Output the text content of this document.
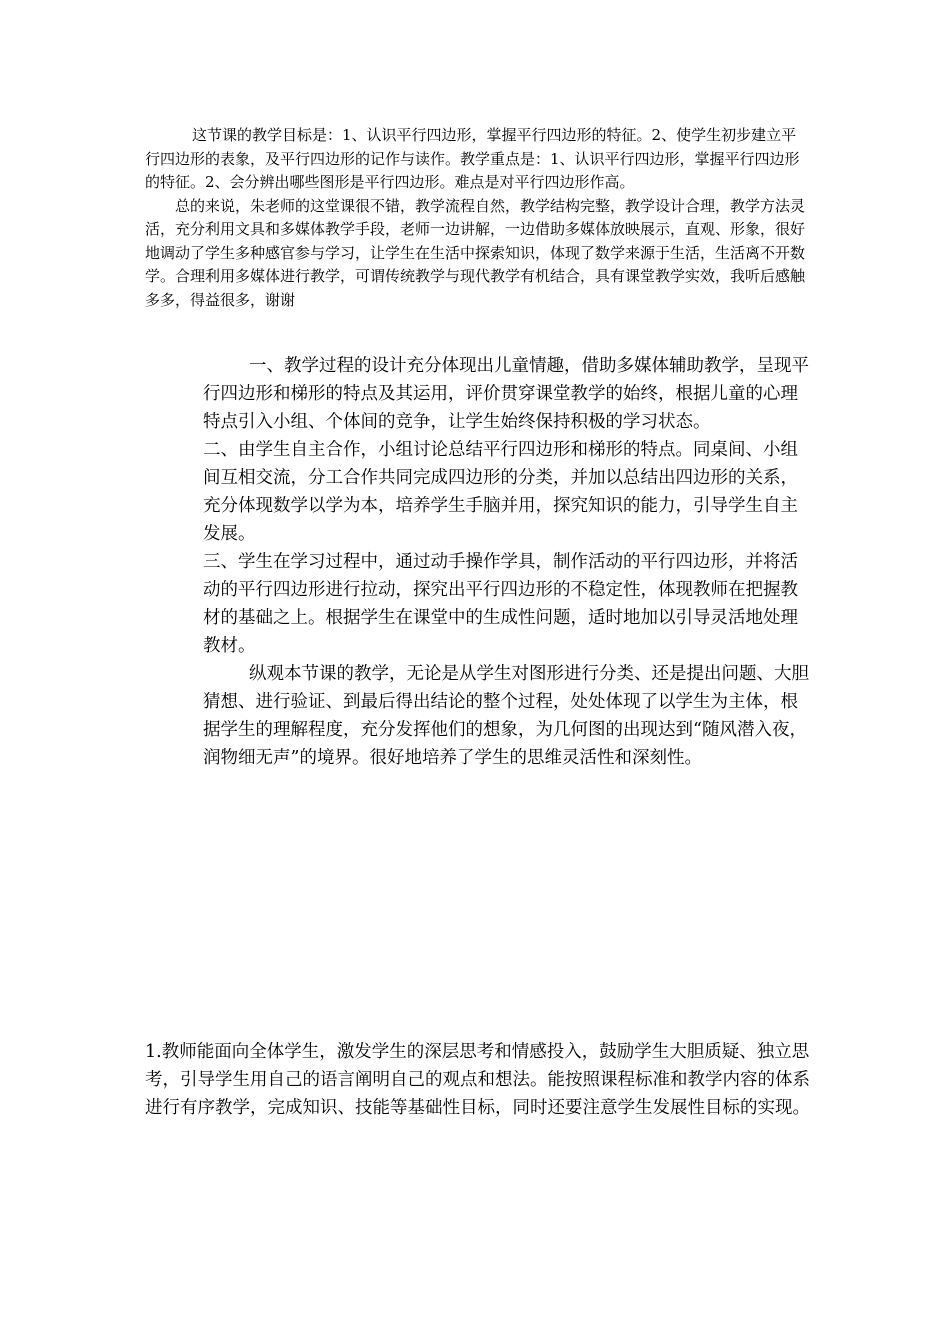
这节课的教学目标是：1、认识平行四边形，掌握平行四边形的特征。2、使学生初步建立平行四边形的表象，及平行四边形的记作与读作。教学重点是：1、认识平行四边形，掌握平行四边形的特征。2、会分辨出哪些图形是平行四边形。难点是对平行四边形作高。

总的来说，朱老师的这堂课很不错，教学流程自然，教学结构完整，教学设计合理，教学方法灵活，充分利用文具和多媒体教学手段，老师一边讲解，一边借助多媒体放映展示，直观、形象，很好地调动了学生多种感官参与学习，让学生在生活中探索知识，体现了数学来源于生活，生活离不开数学。合理利用多媒体进行教学，可谓传统教学与现代教学有机结合，具有课堂教学实效，我听后感触多多，得益很多，谢谢

一、教学过程的设计充分体现出儿童情趣，借助多媒体辅助教学，呈现平行四边形和梯形的特点及其运用，评价贯穿课堂教学的始终，根据儿童的心理特点引入小组、个体间的竞争，让学生始终保持积极的学习状态。

二、由学生自主合作，小组讨论总结平行四边形和梯形的特点。同桌间、小组间互相交流，分工合作共同完成四边形的分类，并加以总结出四边形的关系，充分体现数学以学为本，培养学生手脑并用，探究知识的能力，引导学生自主发展。

三、学生在学习过程中，通过动手操作学具，制作活动的平行四边形，并将活动的平行四边形进行拉动，探究出平行四边形的不稳定性，体现教师在把握教材的基础之上。根据学生在课堂中的生成性问题，适时地加以引导灵活地处理教材。

纵观本节课的教学，无论是从学生对图形进行分类、还是提出问题、大胆猜想、进行验证、到最后得出结论的整个过程，处处体现了以学生为主体，根据学生的理解程度，充分发挥他们的想象，为几何图的出现达到“随风潜入夜，润物细无声”的境界。很好地培养了学生的思维灵活性和深刻性。

1.教师能面向全体学生，激发学生的深层思考和情感投入，鼓励学生大胆质疑、独立思考，引导学生用自己的语言阐明自己的观点和想法。能按照课程标准和教学内容的体系进行有序教学，完成知识、技能等基础性目标，同时还要注意学生发展性目标的实现。
